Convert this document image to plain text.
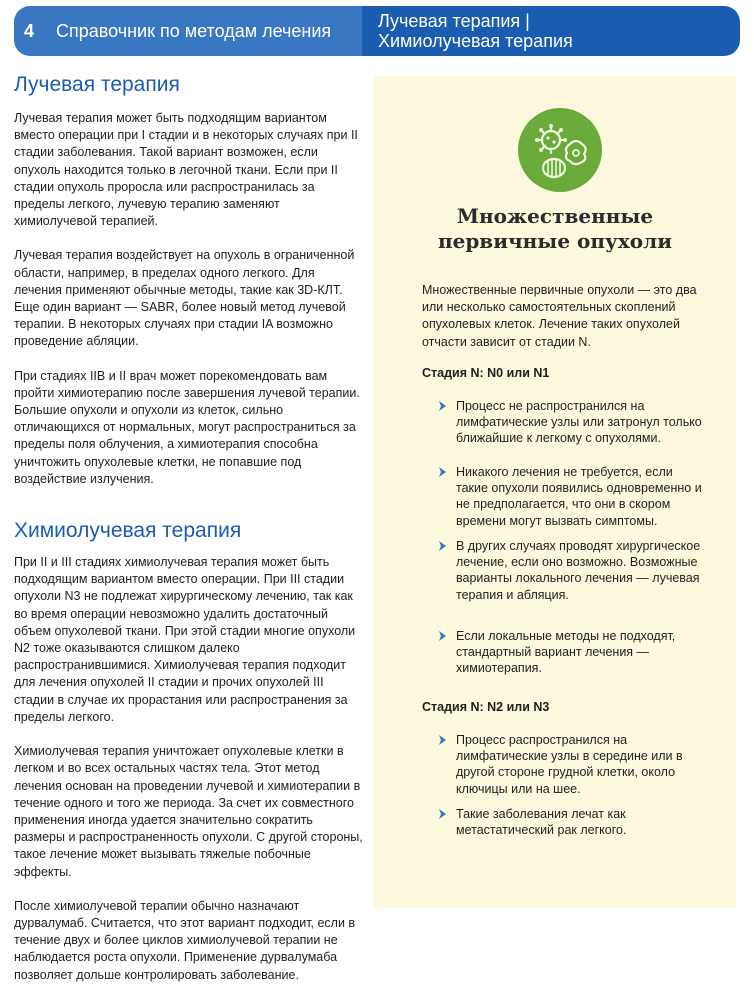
4	Справочник по методам лечения	Лучевая терапия |
Химиолучевая терапия
Лучевая терапия

Лучевая терапия может быть подходящим вариантом вместо операции при I стадии и в некоторых случаях при II стадии заболевания. Такой вариант возможен, если опухоль находится только в легочной ткани. Если при II стадии опухоль проросла или распространилась за пределы легкого, лучевую терапию заменяют химиолучевой терапией.

Лучевая терапия воздействует на опухоль в ограниченной области, например, в пределах одного легкого. Для лечения применяют обычные методы, такие как 3D-КЛТ. Еще один вариант — SABR, более новый метод лучевой терапии. В некоторых случаях при стадии IA возможно проведение абляции.

При стадиях IIB и II врач может порекомендовать вам пройти химиотерапию после завершения лучевой терапии. Большие опухоли и опухоли из клеток, сильно отличающихся от нормальных, могут распространиться за пределы поля облучения, а химиотерапия способна уничтожить опухолевые клетки, не попавшие под воздействие излучения.

Химиолучевая терапия

При II и III стадиях химиолучевая терапия может быть подходящим вариантом вместо операции. При III стадии опухоли N3 не подлежат хирургическому лечению, так как во время операции невозможно удалить достаточный объем опухолевой ткани. При этой стадии многие опухоли N2 тоже оказываются слишком далеко распространившимися. Химиолучевая терапия подходит для лечения опухолей II стадии и прочих опухолей III стадии в случае их прорастания или распространения за пределы легкого.

Химиолучевая терапия уничтожает опухолевые клетки в легком и во всех остальных частях тела. Этот метод лечения основан на проведении лучевой и химиотерапии в течение одного и того же периода. За счет их совместного применения иногда удается значительно сократить размеры и распространенность опухоли. С другой стороны, такое лечение может вызывать тяжелые побочные эффекты.

После химиолучевой терапии обычно назначают дурвалумаб. Считается, что этот вариант подходит, если в течение двух и более циклов химиолучевой терапии не наблюдается роста опухоли. Применение дурвалумаба позволяет дольше контролировать заболевание.

Множественные
первичные опухоли

Множественные первичные опухоли — это два или несколько самостоятельных скоплений опухолевых клеток. Лечение таких опухолей отчасти зависит от стадии N.

Стадия N: N0 или N1

Процесс не распространился на лимфатические узлы или затронул только ближайшие к легкому с опухолями.
Никакого лечения не требуется, если такие опухоли появились одновременно и не предполагается, что они в скором времени могут вызвать симптомы.
В других случаях проводят хирургическое лечение, если оно возможно. Возможные варианты локального лечения — лучевая терапия и абляция.
Если локальные методы не подходят, стандартный вариант лечения — химиотерапия.

Стадия N: N2 или N3

Процесс распространился на лимфатические узлы в середине или в другой стороне грудной клетки, около ключицы или на шее.
Такие заболевания лечат как метастатический рак легкого.
